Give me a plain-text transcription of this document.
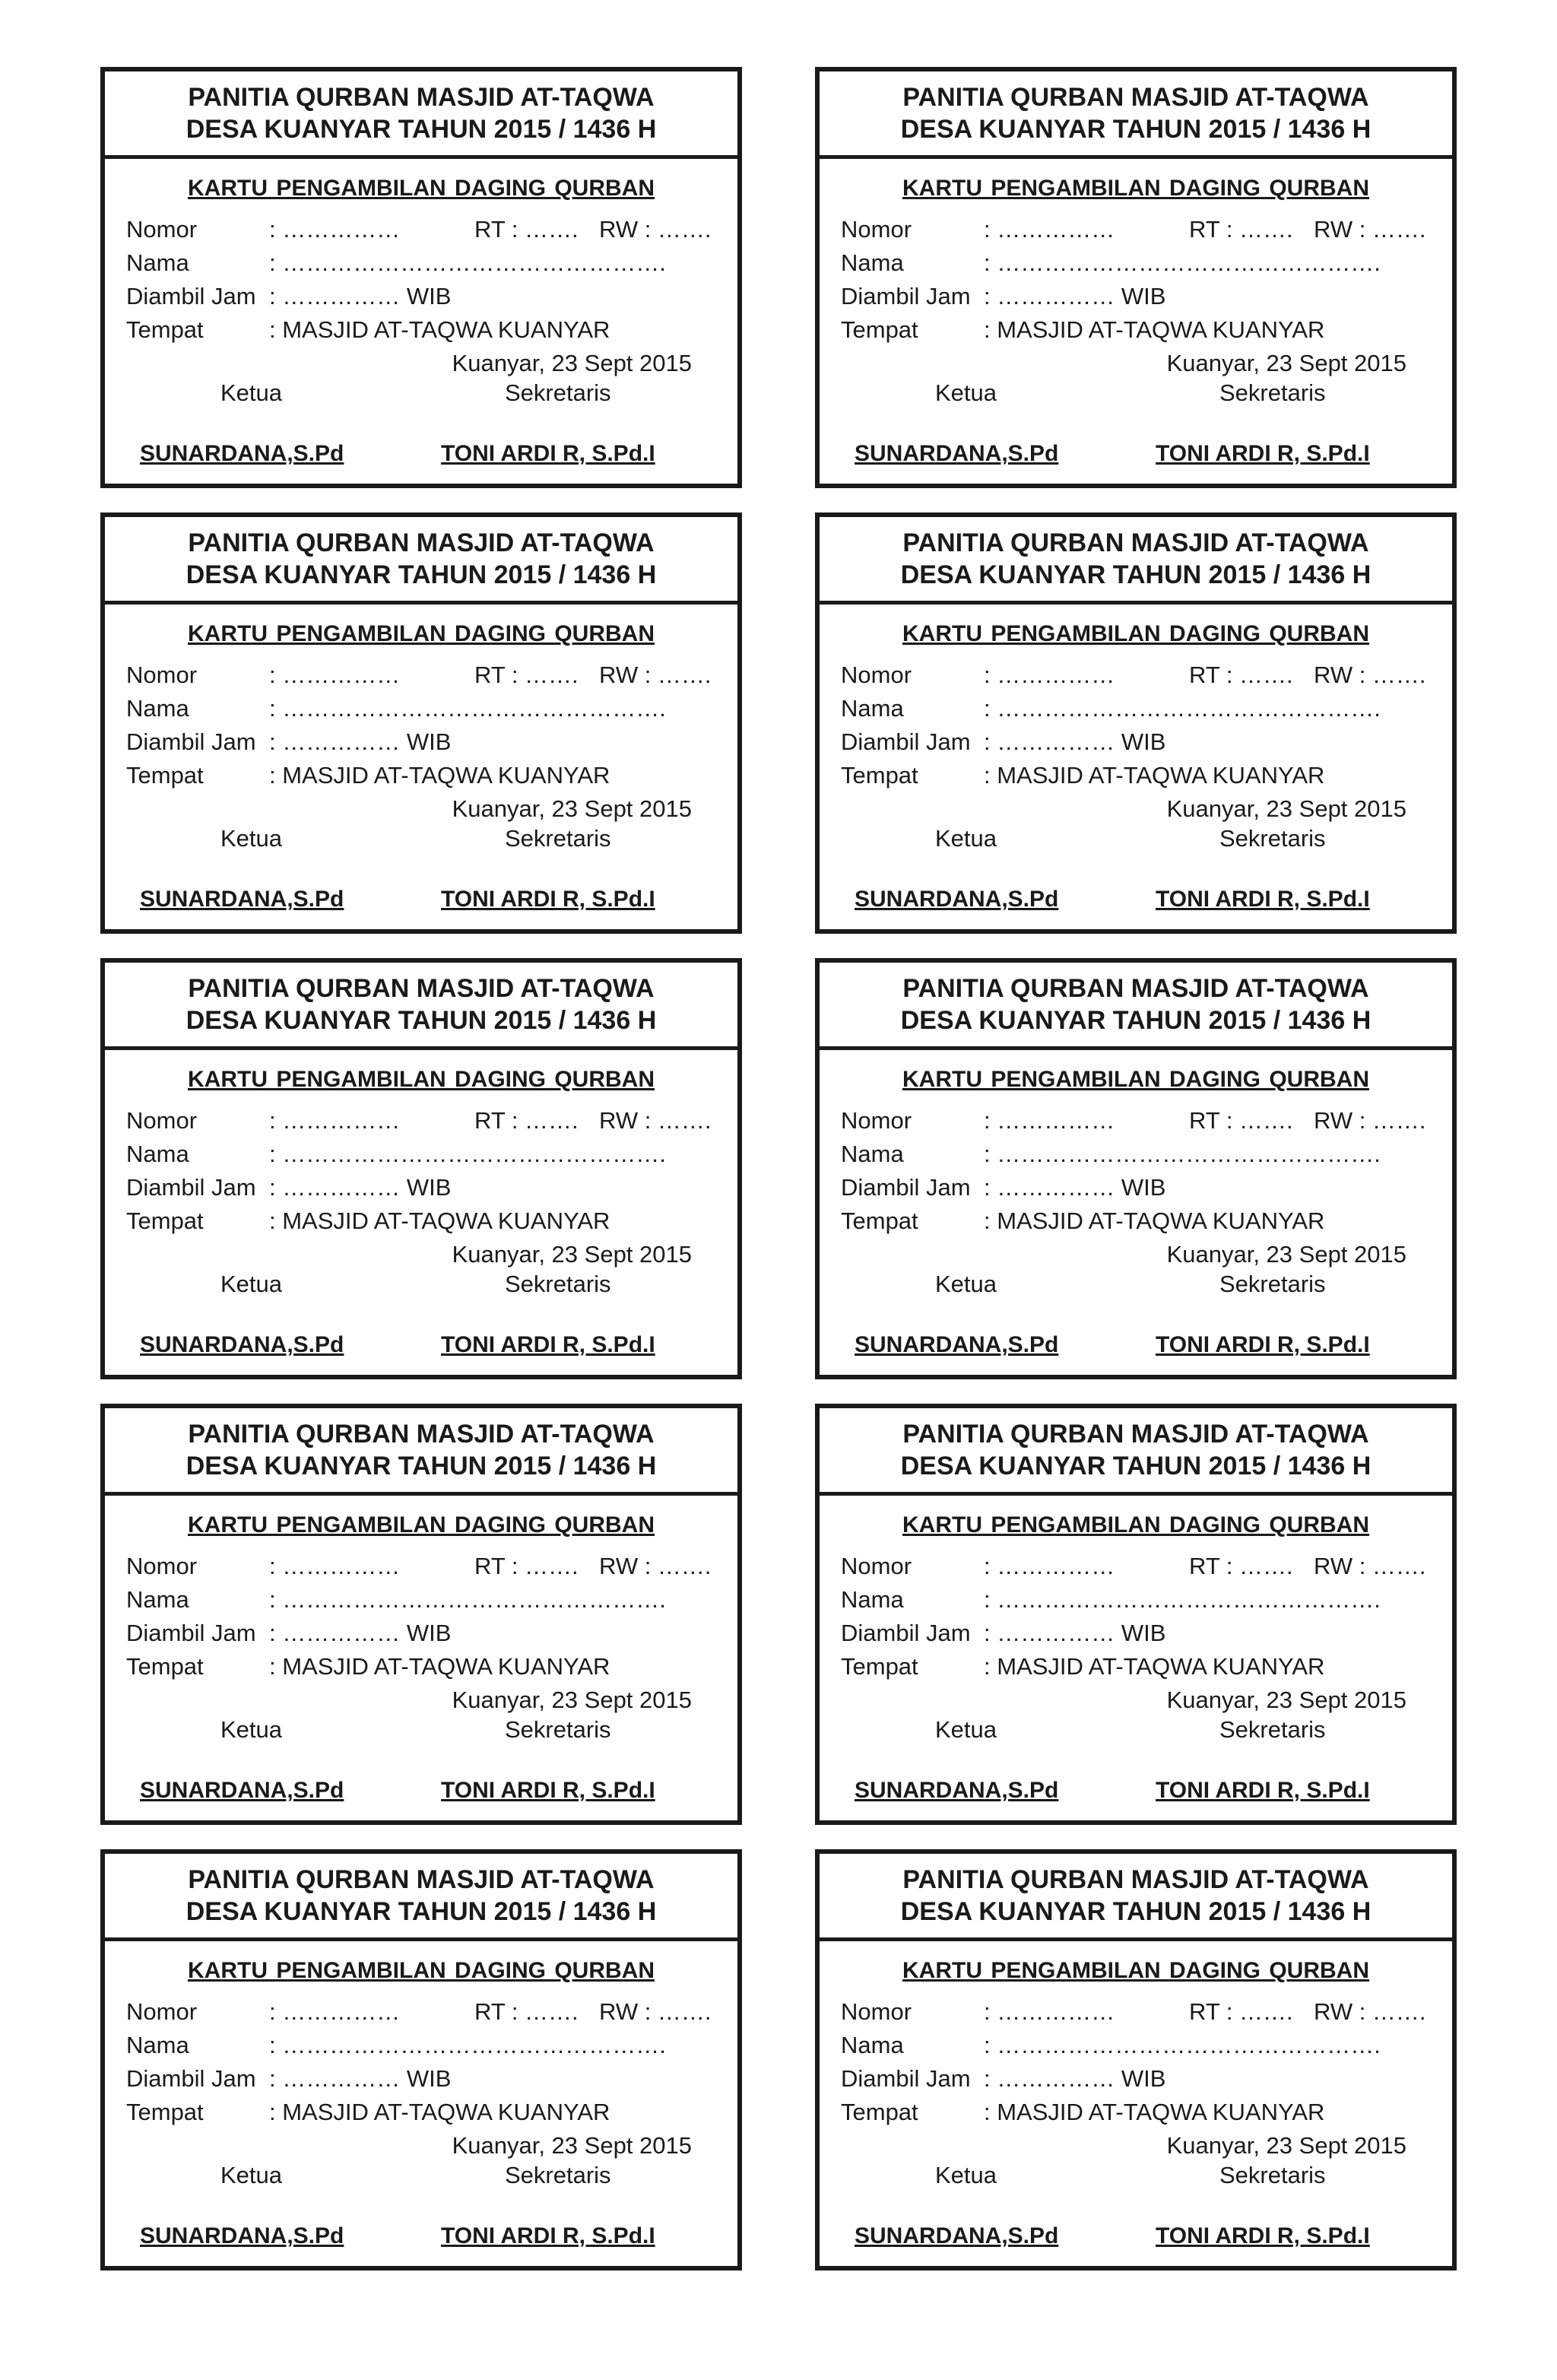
PANITIA QURBAN MASJID AT-TAQWA
DESA KUANYAR TAHUN 2015 / 1436 H
KARTU PENGAMBILAN DAGING QURBAN
Nomor	: ……………	RT : ……. RW : …….
Nama	: ………………………………………….
Diambil Jam : …………… WIB
Tempat	: MASJID AT-TAQWA KUANYAR
Kuanyar, 23 Sept 2015
Ketua	Sekretaris
SUNARDANA,S.Pd	TONI ARDI R, S.Pd.I
PANITIA QURBAN MASJID AT-TAQWA
DESA KUANYAR TAHUN 2015 / 1436 H
KARTU PENGAMBILAN DAGING QURBAN
Nomor	: ……………	RT : ……. RW : …….
Nama	: ………………………………………….
Diambil Jam : …………… WIB
Tempat	: MASJID AT-TAQWA KUANYAR
Kuanyar, 23 Sept 2015
Ketua	Sekretaris
SUNARDANA,S.Pd	TONI ARDI R, S.Pd.I
PANITIA QURBAN MASJID AT-TAQWA
DESA KUANYAR TAHUN 2015 / 1436 H
KARTU PENGAMBILAN DAGING QURBAN
Nomor	: ……………	RT : ……. RW : …….
Nama	: ………………………………………….
Diambil Jam : …………… WIB
Tempat	: MASJID AT-TAQWA KUANYAR
Kuanyar, 23 Sept 2015
Ketua	Sekretaris
SUNARDANA,S.Pd	TONI ARDI R, S.Pd.I
PANITIA QURBAN MASJID AT-TAQWA
DESA KUANYAR TAHUN 2015 / 1436 H
KARTU PENGAMBILAN DAGING QURBAN
Nomor	: ……………	RT : ……. RW : …….
Nama	: ………………………………………….
Diambil Jam : …………… WIB
Tempat	: MASJID AT-TAQWA KUANYAR
Kuanyar, 23 Sept 2015
Ketua	Sekretaris
SUNARDANA,S.Pd	TONI ARDI R, S.Pd.I
PANITIA QURBAN MASJID AT-TAQWA
DESA KUANYAR TAHUN 2015 / 1436 H
KARTU PENGAMBILAN DAGING QURBAN
Nomor	: ……………	RT : ……. RW : …….
Nama	: ………………………………………….
Diambil Jam : …………… WIB
Tempat	: MASJID AT-TAQWA KUANYAR
Kuanyar, 23 Sept 2015
Ketua	Sekretaris
SUNARDANA,S.Pd	TONI ARDI R, S.Pd.I
PANITIA QURBAN MASJID AT-TAQWA
DESA KUANYAR TAHUN 2015 / 1436 H
KARTU PENGAMBILAN DAGING QURBAN
Nomor	: ……………	RT : ……. RW : …….
Nama	: ………………………………………….
Diambil Jam : …………… WIB
Tempat	: MASJID AT-TAQWA KUANYAR
Kuanyar, 23 Sept 2015
Ketua	Sekretaris
SUNARDANA,S.Pd	TONI ARDI R, S.Pd.I
PANITIA QURBAN MASJID AT-TAQWA
DESA KUANYAR TAHUN 2015 / 1436 H
KARTU PENGAMBILAN DAGING QURBAN
Nomor	: ……………	RT : ……. RW : …….
Nama	: ………………………………………….
Diambil Jam : …………… WIB
Tempat	: MASJID AT-TAQWA KUANYAR
Kuanyar, 23 Sept 2015
Ketua	Sekretaris
SUNARDANA,S.Pd	TONI ARDI R, S.Pd.I
PANITIA QURBAN MASJID AT-TAQWA
DESA KUANYAR TAHUN 2015 / 1436 H
KARTU PENGAMBILAN DAGING QURBAN
Nomor	: ……………	RT : ……. RW : …….
Nama	: ………………………………………….
Diambil Jam : …………… WIB
Tempat	: MASJID AT-TAQWA KUANYAR
Kuanyar, 23 Sept 2015
Ketua	Sekretaris
SUNARDANA,S.Pd	TONI ARDI R, S.Pd.I
PANITIA QURBAN MASJID AT-TAQWA
DESA KUANYAR TAHUN 2015 / 1436 H
KARTU PENGAMBILAN DAGING QURBAN
Nomor	: ……………	RT : ……. RW : …….
Nama	: ………………………………………….
Diambil Jam : …………… WIB
Tempat	: MASJID AT-TAQWA KUANYAR
Kuanyar, 23 Sept 2015
Ketua	Sekretaris
SUNARDANA,S.Pd	TONI ARDI R, S.Pd.I
PANITIA QURBAN MASJID AT-TAQWA
DESA KUANYAR TAHUN 2015 / 1436 H
KARTU PENGAMBILAN DAGING QURBAN
Nomor	: ……………	RT : ……. RW : …….
Nama	: ………………………………………….
Diambil Jam : …………… WIB
Tempat	: MASJID AT-TAQWA KUANYAR
Kuanyar, 23 Sept 2015
Ketua	Sekretaris
SUNARDANA,S.Pd	TONI ARDI R, S.Pd.I
